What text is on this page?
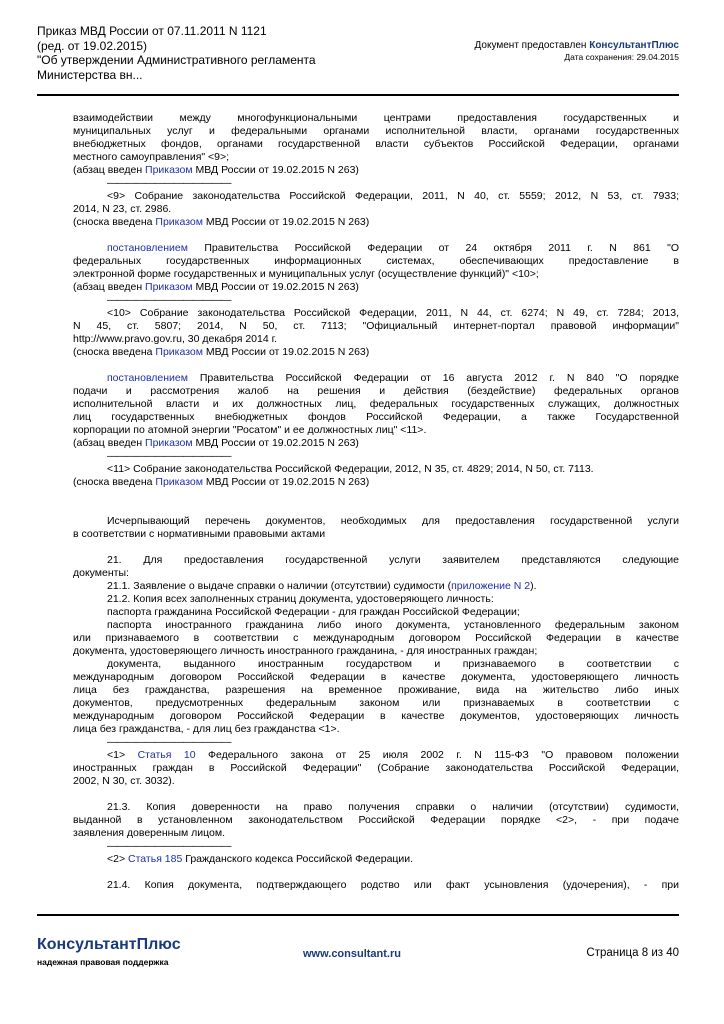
Приказ МВД России от 07.11.2011 N 1121
(ред. от 19.02.2015)
"Об утверждении Административного регламента
Министерства вн...
Документ предоставлен КонсультантПлюс
Дата сохранения: 29.04.2015
взаимодействии между многофункциональными центрами предоставления государственных и
муниципальных услуг и федеральными органами исполнительной власти, органами государственных
внебюджетных фондов, органами государственной власти субъектов Российской Федерации, органами
местного самоуправления" <9>;
(абзац введен Приказом МВД России от 19.02.2015 N 263)
—————————————
<9> Собрание законодательства Российской Федерации, 2011, N 40, ст. 5559; 2012, N 53, ст. 7933;
2014, N 23, ст. 2986.
(сноска введена Приказом МВД России от 19.02.2015 N 263)
постановлением Правительства Российской Федерации от 24 октября 2011 г. N 861 "О
федеральных государственных информационных системах, обеспечивающих предоставление в
электронной форме государственных и муниципальных услуг (осуществление функций)" <10>;
(абзац введен Приказом МВД России от 19.02.2015 N 263)
—————————————
<10> Собрание законодательства Российской Федерации, 2011, N 44, ст. 6274; N 49, ст. 7284; 2013,
N 45, ст. 5807; 2014, N 50, ст. 7113; "Официальный интернет-портал правовой информации"
http://www.pravo.gov.ru, 30 декабря 2014 г.
(сноска введена Приказом МВД России от 19.02.2015 N 263)
постановлением Правительства Российской Федерации от 16 августа 2012 г. N 840 "О порядке
подачи и рассмотрения жалоб на решения и действия (бездействие) федеральных органов
исполнительной власти и их должностных лиц, федеральных государственных служащих, должностных
лиц государственных внебюджетных фондов Российской Федерации, а также Государственной
корпорации по атомной энергии "Росатом" и ее должностных лиц" <11>.
(абзац введен Приказом МВД России от 19.02.2015 N 263)
—————————————
<11> Собрание законодательства Российской Федерации, 2012, N 35, ст. 4829; 2014, N 50, ст. 7113.
(сноска введена Приказом МВД России от 19.02.2015 N 263)
Исчерпывающий перечень документов, необходимых для предоставления государственной услуги
в соответствии с нормативными правовыми актами
21. Для предоставления государственной услуги заявителем представляются следующие
документы:
21.1. Заявление о выдаче справки о наличии (отсутствии) судимости (приложение N 2).
21.2. Копия всех заполненных страниц документа, удостоверяющего личность:
паспорта гражданина Российской Федерации - для граждан Российской Федерации;
паспорта иностранного гражданина либо иного документа, установленного федеральным законом
или признаваемого в соответствии с международным договором Российской Федерации в качестве
документа, удостоверяющего личность иностранного гражданина, - для иностранных граждан;
документа, выданного иностранным государством и признаваемого в соответствии с
международным договором Российской Федерации в качестве документа, удостоверяющего личность
лица без гражданства, разрешения на временное проживание, вида на жительство либо иных
документов, предусмотренных федеральным законом или признаваемых в соответствии с
международным договором Российской Федерации в качестве документов, удостоверяющих личность
лица без гражданства, - для лиц без гражданства <1>.
—————————————
<1> Статья 10 Федерального закона от 25 июля 2002 г. N 115-ФЗ "О правовом положении
иностранных граждан в Российской Федерации" (Собрание законодательства Российской Федерации,
2002, N 30, ст. 3032).
21.3. Копия доверенности на право получения справки о наличии (отсутствии) судимости,
выданной в установленном законодательством Российской Федерации порядке <2>, - при подаче
заявления доверенным лицом.
—————————————
<2> Статья 185 Гражданского кодекса Российской Федерации.
21.4. Копия документа, подтверждающего родство или факт усыновления (удочерения), - при
КонсультантПлюс
надежная правовая поддержка
www.consultant.ru	Страница 8 из 40
